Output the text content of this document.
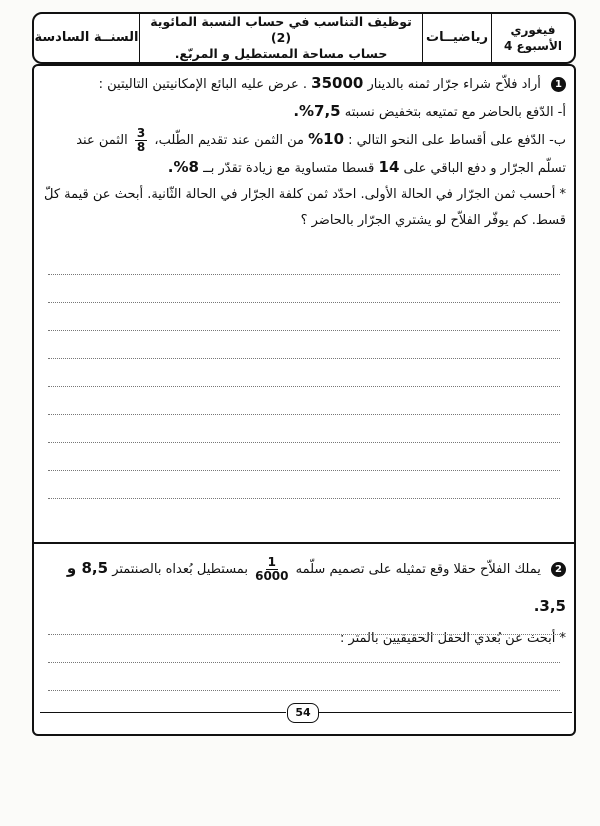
فيغوري
الأسبوع 4
رياضيــات
توظيف التناسب في حساب النسبة المائوية (2)
حساب مساحة المستطيل و المربّع.
السنــة السادسة
1 أراد فلاّح شراء جرّار ثمنه بالدينار 35000 . عرض عليه البائع الإمكانيتين التاليتين :
أ- الدّفع بالحاضر مع تمتيعه بتخفيض نسبته 7,5%.
ب- الدّفع على أقساط على النحو التالي : 10% من الثمن عند تقديم الطّلب،
$\frac{3}{8}$
الثمن عند
تسلّم الجرّار و دفع الباقي على 14 قسطا متساوية مع زيادة تقدّر بــ 8%.
* أحسب ثمن الجرّار في الحالة الأولى. احدّد ثمن كلفة الجرّار في الحالة الثّانية. أبحث عن قيمة كلّ
قسط. كم يوفّر الفلاّح لو يشتري الجرّار بالحاضر ؟
2 يملك الفلاّح حقلا وقع تمثيله على تصميم سلّمه
$\frac{1}{6000}$
بمستطيل بُعداه بالصنتمتر 8,5 و 3,5.
* أبحث عن بُعدي الحقل الحقيقيين بالمتر :
54
